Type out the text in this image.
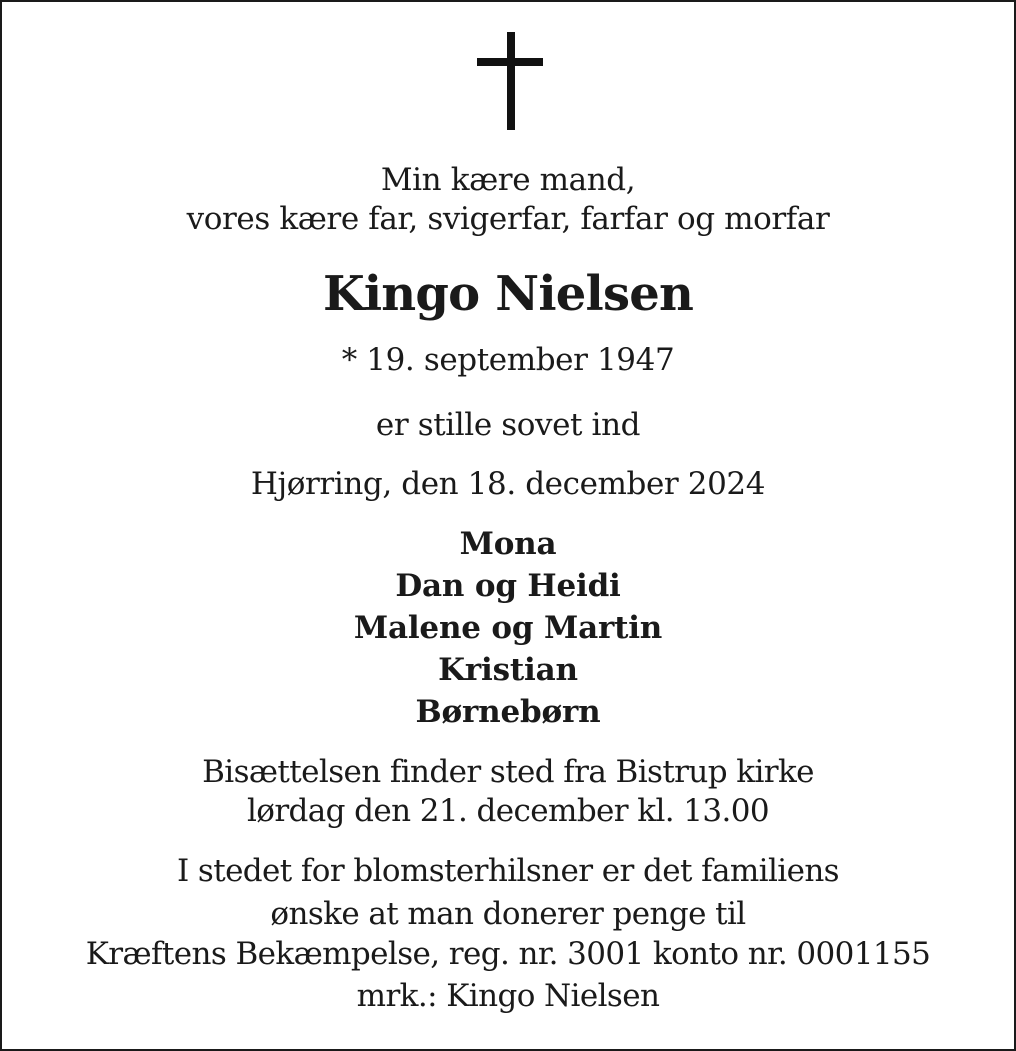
Min kære mand,
vores kære far, svigerfar, farfar og morfar
Kingo Nielsen
* 19. september 1947
er stille sovet ind
Hjørring, den 18. december 2024
Mona
Dan og Heidi
Malene og Martin
Kristian
Børnebørn
Bisættelsen finder sted fra Bistrup kirke
lørdag den 21. december kl. 13.00
I stedet for blomsterhilsner er det familiens
ønske at man donerer penge til
Kræftens Bekæmpelse, reg. nr. 3001 konto nr. 0001155
mrk.: Kingo Nielsen
